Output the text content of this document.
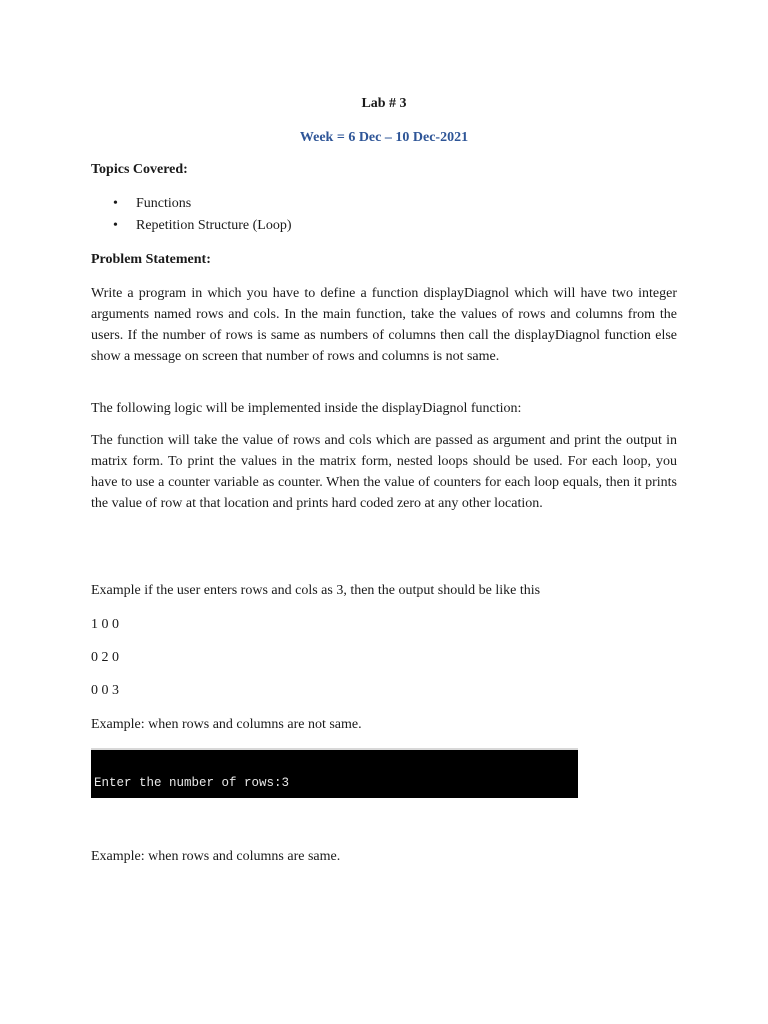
Lab # 3
Week = 6 Dec – 10 Dec-2021
Topics Covered:
• Functions
• Repetition Structure (Loop)
Problem Statement:

Write a program in which you have to define a function displayDiagnol which will have two integer arguments named rows and cols. In the main function, take the values of rows and columns from the users. If the number of rows is same as numbers of columns then call the displayDiagnol function else show a message on screen that number of rows and columns is not same.

The following logic will be implemented inside the displayDiagnol function:

The function will take the value of rows and cols which are passed as argument and print the output in matrix form. To print the values in the matrix form, nested loops should be used. For each loop, you have to use a counter variable as counter. When the value of counters for each loop equals, then it prints the value of row at that location and prints hard coded zero at any other location.

Example if the user enters rows and cols as 3, then the output should be like this

1 0 0

0 2 0

0 0 3

Example: when rows and columns are not same.

Enter the number of rows:3

Example: when rows and columns are same.
